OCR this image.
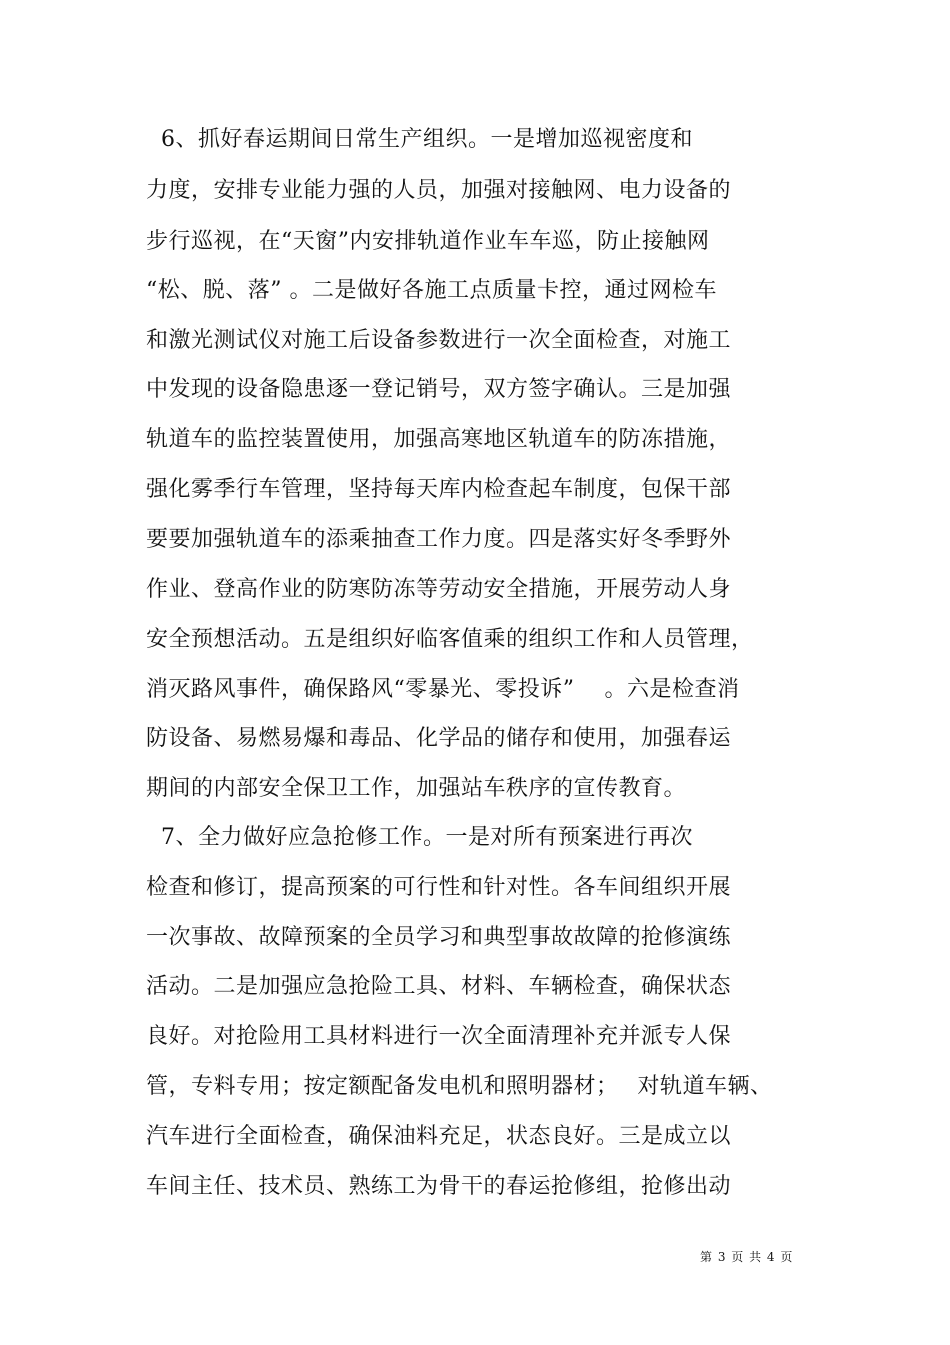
6、抓好春运期间日常生产组织。一是增加巡视密度和
力度，安排专业能力强的人员，加强对接触网、电力设备的
步行巡视，在“天窗”内安排轨道作业车车巡，防止接触网
“松、脱、落” 。二是做好各施工点质量卡控，通过网检车
和激光测试仪对施工后设备参数进行一次全面检查，对施工
中发现的设备隐患逐一登记销号，双方签字确认。三是加强
轨道车的监控装置使用，加强高寒地区轨道车的防冻措施，
强化雾季行车管理，坚持每天库内检查起车制度，包保干部
要要加强轨道车的添乘抽查工作力度。四是落实好冬季野外
作业、登高作业的防寒防冻等劳动安全措施，开展劳动人身
安全预想活动。五是组织好临客值乘的组织工作和人员管理，
消灭路风事件，确保路风“零暴光、零投诉”　 。六是检查消
防设备、易燃易爆和毒品、化学品的储存和使用，加强春运
期间的内部安全保卫工作，加强站车秩序的宣传教育。
7、全力做好应急抢修工作。一是对所有预案进行再次
检查和修订，提高预案的可行性和针对性。各车间组织开展
一次事故、故障预案的全员学习和典型事故故障的抢修演练
活动。二是加强应急抢险工具、材料、车辆检查，确保状态
良好。对抢险用工具材料进行一次全面清理补充并派专人保
管，专料专用；按定额配备发电机和照明器材；　 对轨道车辆、
汽车进行全面检查，确保油料充足，状态良好。三是成立以
车间主任、技术员、熟练工为骨干的春运抢修组，抢修出动
第 3 页 共 4 页
